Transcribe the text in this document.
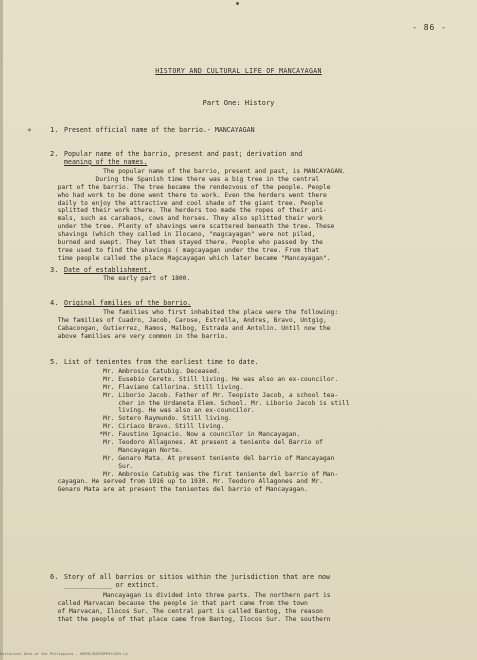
- 86 -
HISTORY AND CULTURAL LIFE OF MANCAYAGAN
Part One: History
*	1. Present official name of the barrio.- MANCAYAGAN
2. Popular name of the barrio, present and past; derivation and
meaning of the names.
The popular name of the barrio, present and past, is MANCAYAGAN.
During the Spanish time there was a big tree in the central
part of the barrio. The tree became the rendezvous of the people. People
who had work to be done went there to work. Even the herders went there
daily to enjoy the attractive and cool shade of the giant tree. People
splitted their work there. The herders too made the ropes of their ani-
mals, such as carabaos, cows and horses. They also splitted their work
under the tree. Plenty of shavings were scattered beneath the tree. These
shavings (which they called in Ilocano, "magcayagan" were not piled,
burned and swept. They let them stayed there. People who passed by the
tree used to find the shavings ( magcayagan under the tree. From that
time people called the place Magcayagan which later became "Mancayagan".
3. Date of establishment.
The early part of 1800.
4. Original families of the barrio.
The families who first inhabited the place were the following:
The families of Cuadro, Jacob, Carose, Estrella, Andres, Bravo, Untgig,
Cabacongan, Gutierrez, Ramos, Malbog, Estrada and Antolin. Until now the
above families are very common in the barrio.
5. List of tenientes from the earliest time to date.
Mr. Ambrosio Catubig. Deceased.
Mr. Eusebio Cereto. Still living. He was also an ex-councilor.
Mr. Flaviano Callorina. Still living.
Mr. Liborio Jacob. Father of Mr. Teopisto Jacob, a school tea-
cher in the Urdaneta Elem. School. Mr. Liborio Jacob is still
living. He was also an ex-councilor.
Mr. Sotero Raymundo. Still living.
Mr. Ciriaco Bravo. Still living.
*Mr. Faustino Ignacio. Now a councilor in Mancayagan.
Mr. Teodoro Allagones. At present a teniente del Barrio of
Mancayagan Norte.
Mr. Genaro Mata. At present teniente del barrio of Mancayagan
Sur.
Mr. Ambrosio Catubig was the first teniente del barrio of Man-
cayagan. He served from 1916 up to 1930. Mr. Teodoro Allagones and Mr.
Genaro Mata are at present the tenientes del barrio of Mancayagan.
6. Story of all barrios or sitios within the jurisdiction that are now
____________ or extinct.
Mancayagan is divided into three parts. The northern part is
called Marvacan because the people in that part came from the town
of Marvacan, Ilocos Sur. The central part is called Bantog, the reason
that the people of that place came from Bantog, Ilocos Sur. The southern
Historical Data of the Philippines - HDPHI/BAFDDPP011059-LA
